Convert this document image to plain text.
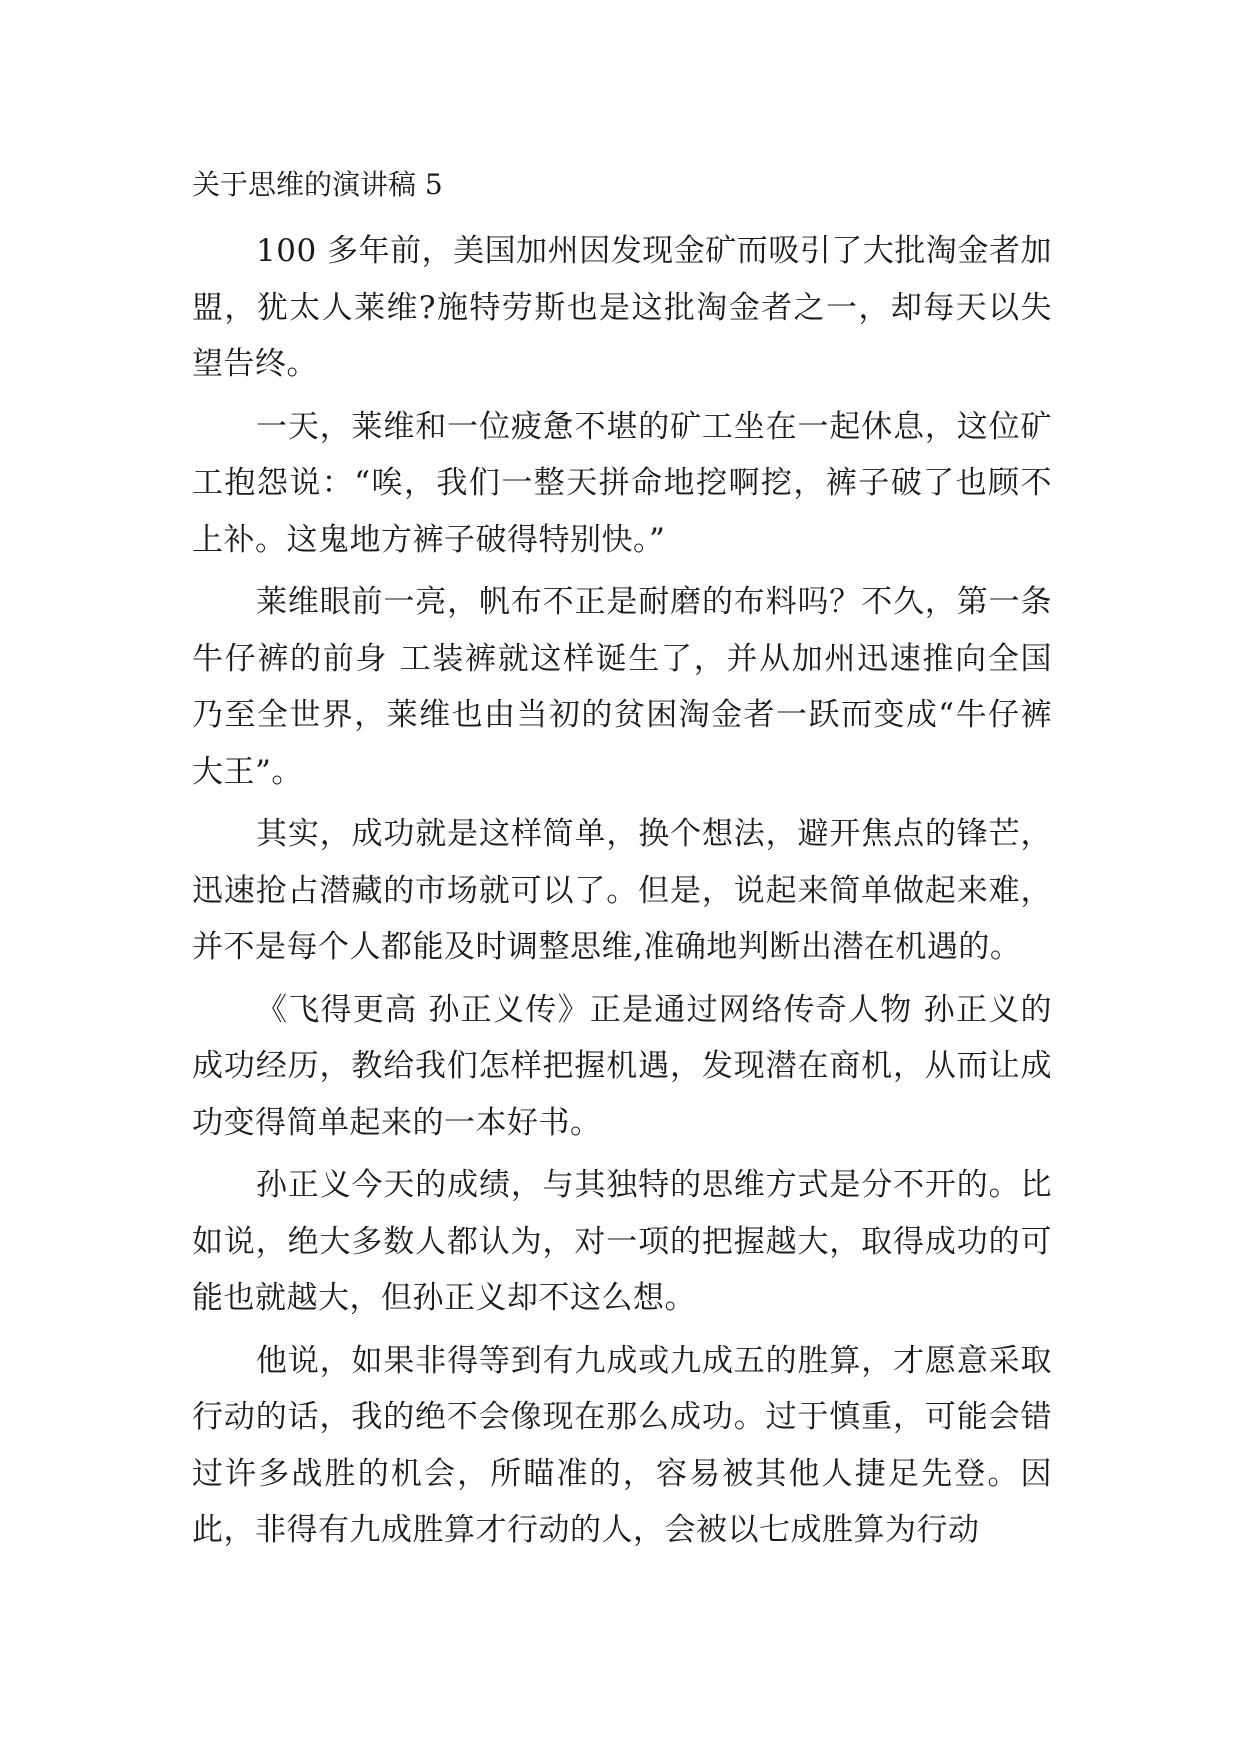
关于思维的演讲稿 5

100 多年前，美国加州因发现金矿而吸引了大批淘金者加盟，犹太人莱维?施特劳斯也是这批淘金者之一，却每天以失望告终。

一天，莱维和一位疲惫不堪的矿工坐在一起休息，这位矿工抱怨说：“唉，我们一整天拼命地挖啊挖，裤子破了也顾不上补。这鬼地方裤子破得特别快。”

莱维眼前一亮，帆布不正是耐磨的布料吗？不久，第一条牛仔裤的前身 工装裤就这样诞生了，并从加州迅速推向全国乃至全世界，莱维也由当初的贫困淘金者一跃而变成“牛仔裤大王”。

其实，成功就是这样简单，换个想法，避开焦点的锋芒，迅速抢占潜藏的市场就可以了。但是，说起来简单做起来难，并不是每个人都能及时调整思维,准确地判断出潜在机遇的。

《飞得更高 孙正义传》正是通过网络传奇人物 孙正义的成功经历，教给我们怎样把握机遇，发现潜在商机，从而让成功变得简单起来的一本好书。

孙正义今天的成绩，与其独特的思维方式是分不开的。比如说，绝大多数人都认为，对一项的把握越大，取得成功的可能也就越大，但孙正义却不这么想。

他说，如果非得等到有九成或九成五的胜算，才愿意采取行动的话，我的绝不会像现在那么成功。过于慎重，可能会错过许多战胜的机会，所瞄准的，容易被其他人捷足先登。因此，非得有九成胜算才行动的人，会被以七成胜算为行动
